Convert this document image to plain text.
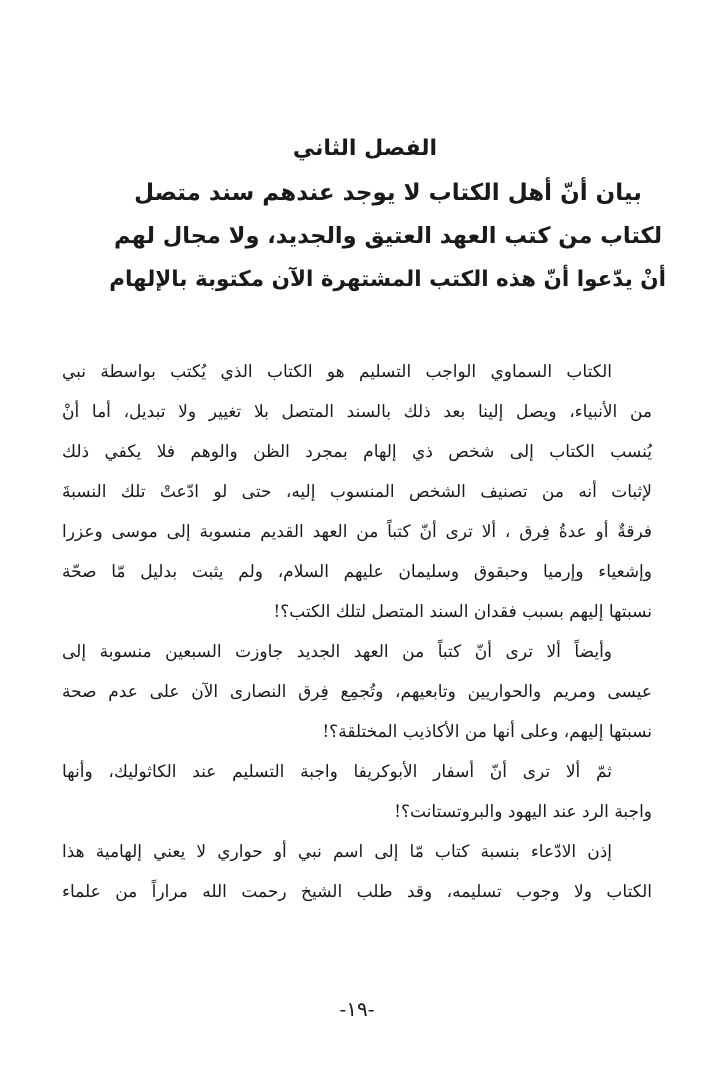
الفصل الثاني

بيان أنّ أهل الكتاب لا يوجد عندهم سند متصل

لكتاب من كتب العهد العتيق والجديد، ولا مجال لهم

أنْ يدّعوا أنّ هذه الكتب المشتهرة الآن مكتوبة بالإلهام

الكتاب السماوي الواجب التسليم هو الكتاب الذي يُكتب بواسطة نبي

من الأنبياء، ويصل إلينا بعد ذلك بالسند المتصل بلا تغيير ولا تبديل، أما أنْ

يُنسب الكتاب إلى شخص ذي إلهام بمجرد الظن والوهم فلا يكفي ذلك

لإثبات أنه من تصنيف الشخص المنسوب إليه، حتى لو ادّعتْ تلك النسبةَ

فرقةٌ أو عدةُ فِرق ، ألا ترى أنّ كتباً من العهد القديم منسوبة إلى موسى وعزرا

وإشعياء وإرميا وحبقوق وسليمان عليهم السلام، ولم يثبت بدليل مّا صحّة

نسبتها إليهم بسبب فقدان السند المتصل لتلك الكتب؟!

وأيضاً ألا ترى أنّ كتباً من العهد الجديد جاوزت السبعين منسوبة إلى

عيسى ومريم والحواريين وتابعيهم، وتُجمِع فِرق النصارى الآن على عدم صحة

نسبتها إليهم، وعلى أنها من الأكاذيب المختلقة؟!

ثمّ ألا ترى أنّ أسفار الأبوكريفا واجبة التسليم عند الكاثوليك، وأنها

واجبة الرد عند اليهود والبروتستانت؟!

إذن الادّعاء بنسبة كتاب مّا إلى اسم نبي أو حواري لا يعني إلهامية هذا

الكتاب ولا وجوب تسليمه، وقد طلب الشيخ رحمت الله مراراً من علماء

-١٩-
